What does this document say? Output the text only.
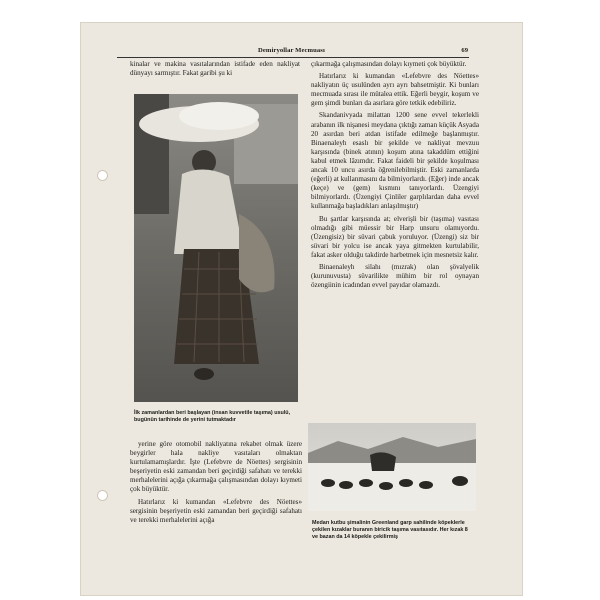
Demiryollar Mecmuası	69

kinalar ve makina vasıtalarından istifade eden nakliyat dünyayı sarmıştır. Fakat garibi şu ki

İlk zamanlardan beri başlayan (insan kuvvetile taşıma) usulü, bugünün tarihinde de yerini tutmaktadır

yerine göre otomobil nakliyatına rekabet olmak üzere beygirler hala nakliye vasıtaları olmaktan kurtulamamışlardır. İşte (Lefebvre de Nöettes) sergisinin beşeriyetin eski zamandan beri geçirdiği safahatı ve terekki merhalelerini açığa çıkarmağa çalışmasından dolayı kıymeti çok büyüktür.

Hatırlarız ki kumandan «Lefebvre des Nöettes» sergisinin beşeriyetin eski zamandan beri geçirdiği safahatı ve terekki merhalelerini açığa

çıkarmağa çalışmasından dolayı kıymeti çok büyüktür.

Hatırlarız ki kumandan «Lefebvre des Nöettes» nakliyatın üç usulünden ayrı ayrı bahsetmiştir. Ki bunları mecmuada sırası ile mütalea ettik. Eğerli beygir, koşum ve gem şimdi bunları da asırlara göre tetkik edebiliriz.

Skandanivyada milattan 1200 sene evvel tekerlekli arabanın ilk nişanesi meydana çıktığı zaman küçük Asyada 20 asırdan beri atdan istifade edilmeğe başlanmıştır. Binaenaleyh esaslı bir şekilde ve nakliyat mevzuu karşısında (binek atının) koşum atına takaddüm ettiğini kabul etmek lâzımdır. Fakat faideli bir şekilde koşulması ancak 10 uncu asırda öğrenilebilmiştir. Eski zamanlarda (eğerli) at kullanmasını da bilmiyorlardı. (Eğer) inde ancak (keçe) ve (gem) kısmını tanıyorlardı. Üzengiyi bilmiyorlardı. (Üzengiyi Çinliler garplılardan daha evvel kullanmağa başladıkları anlaşılmıştır)

Bu şartlar karşısında at; elverişli bir (taşıma) vasıtası olmadığı gibi müessir bir Harp unsuru olamıyordu. (Üzengisiz) bir süvari çabuk yoruluyor. (Üzengi) siz bir süvari bir yolcu ise ancak yaya gitmekten kurtulabilir, fakat asker olduğu takdirde harbetmek için mesnetsiz kalır.

Binaenaleyh silahı (mızrak) olan şövalyelik (kurunuvusta) süvarilikte mühim bir rol oynayan özengiinin icadından evvel payıdar olamazdı.

Medarı kutbu şimalinin Greenland garp sahilinde köpeklerle çekilen kızaklar buranın biricik taşıma vasıtasıdır. Her kızak 8 ve bazan da 14 köpekle çekilirmiş
